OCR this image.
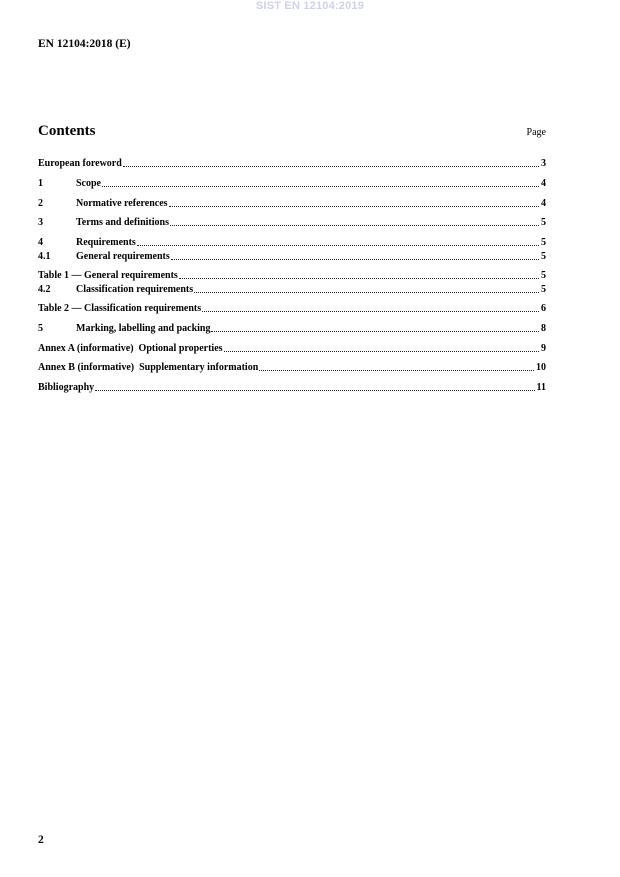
SIST EN 12104:2019
EN 12104:2018 (E)
Contents	Page
European foreword	3
1	Scope	4
2	Normative references	4
3	Terms and definitions	5
4	Requirements	5
4.1	General requirements	5
Table 1 — General requirements	5
4.2	Classification requirements	5
Table 2 — Classification requirements	6
5	Marking, labelling and packing	8
Annex A (informative)  Optional properties	9
Annex B (informative)  Supplementary information	10
Bibliography	11
2
